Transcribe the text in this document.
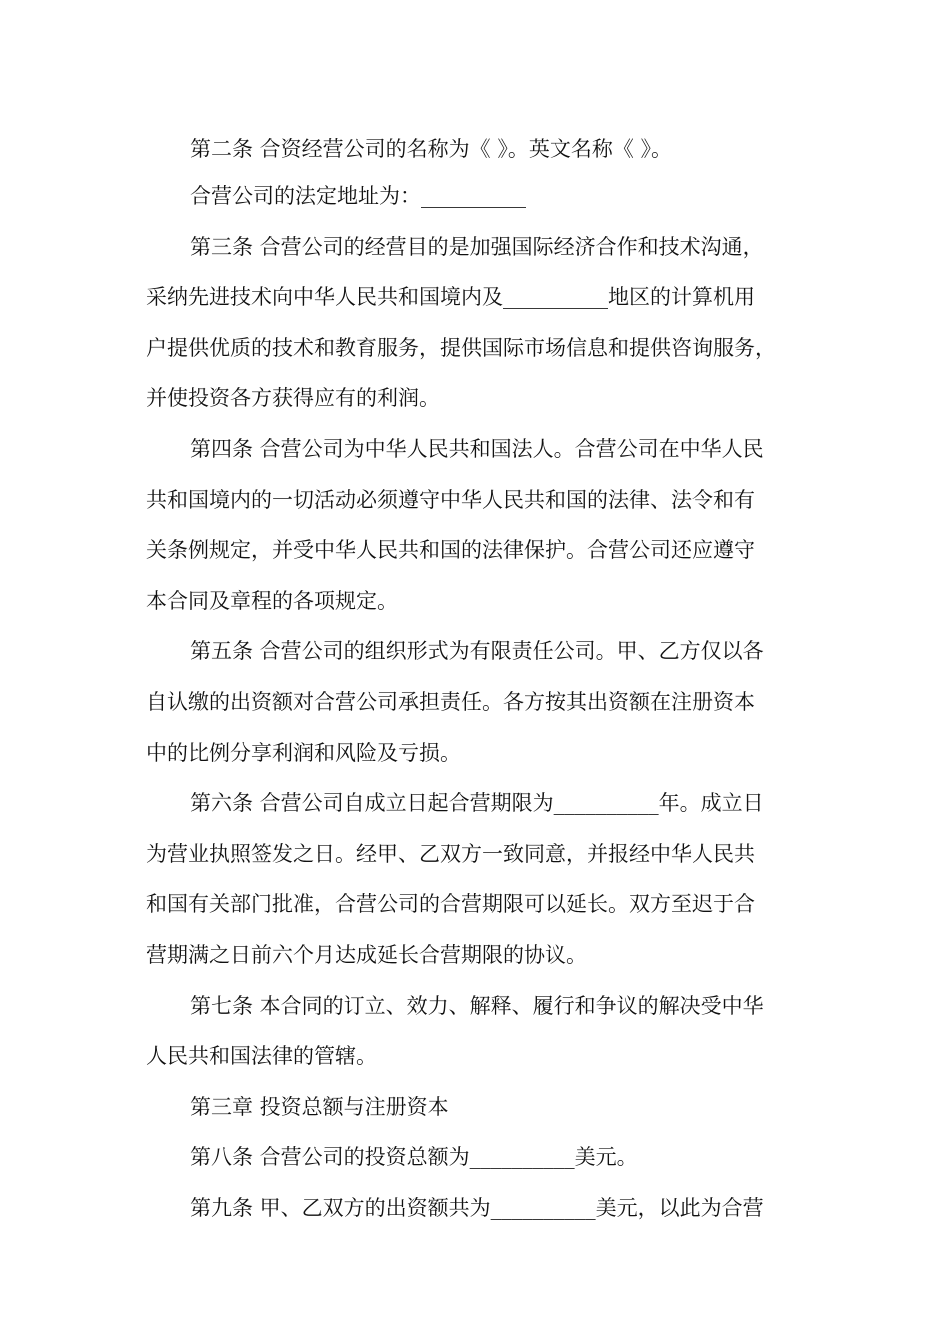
第二条 合资经营公司的名称为《 》。英文名称《 》。
合营公司的法定地址为：__________
第三条 合营公司的经营目的是加强国际经济合作和技术沟通，
采纳先进技术向中华人民共和国境内及__________地区的计算机用
户提供优质的技术和教育服务，提供国际市场信息和提供咨询服务，
并使投资各方获得应有的利润。
第四条 合营公司为中华人民共和国法人。合营公司在中华人民
共和国境内的一切活动必须遵守中华人民共和国的法律、法令和有
关条例规定，并受中华人民共和国的法律保护。合营公司还应遵守
本合同及章程的各项规定。
第五条 合营公司的组织形式为有限责任公司。甲、乙方仅以各
自认缴的出资额对合营公司承担责任。各方按其出资额在注册资本
中的比例分享利润和风险及亏损。
第六条 合营公司自成立日起合营期限为__________年。成立日
为营业执照签发之日。经甲、乙双方一致同意，并报经中华人民共
和国有关部门批准，合营公司的合营期限可以延长。双方至迟于合
营期满之日前六个月达成延长合营期限的协议。
第七条 本合同的订立、效力、解释、履行和争议的解决受中华
人民共和国法律的管辖。
第三章 投资总额与注册资本
第八条 合营公司的投资总额为__________美元。
第九条 甲、乙双方的出资额共为__________美元，以此为合营
